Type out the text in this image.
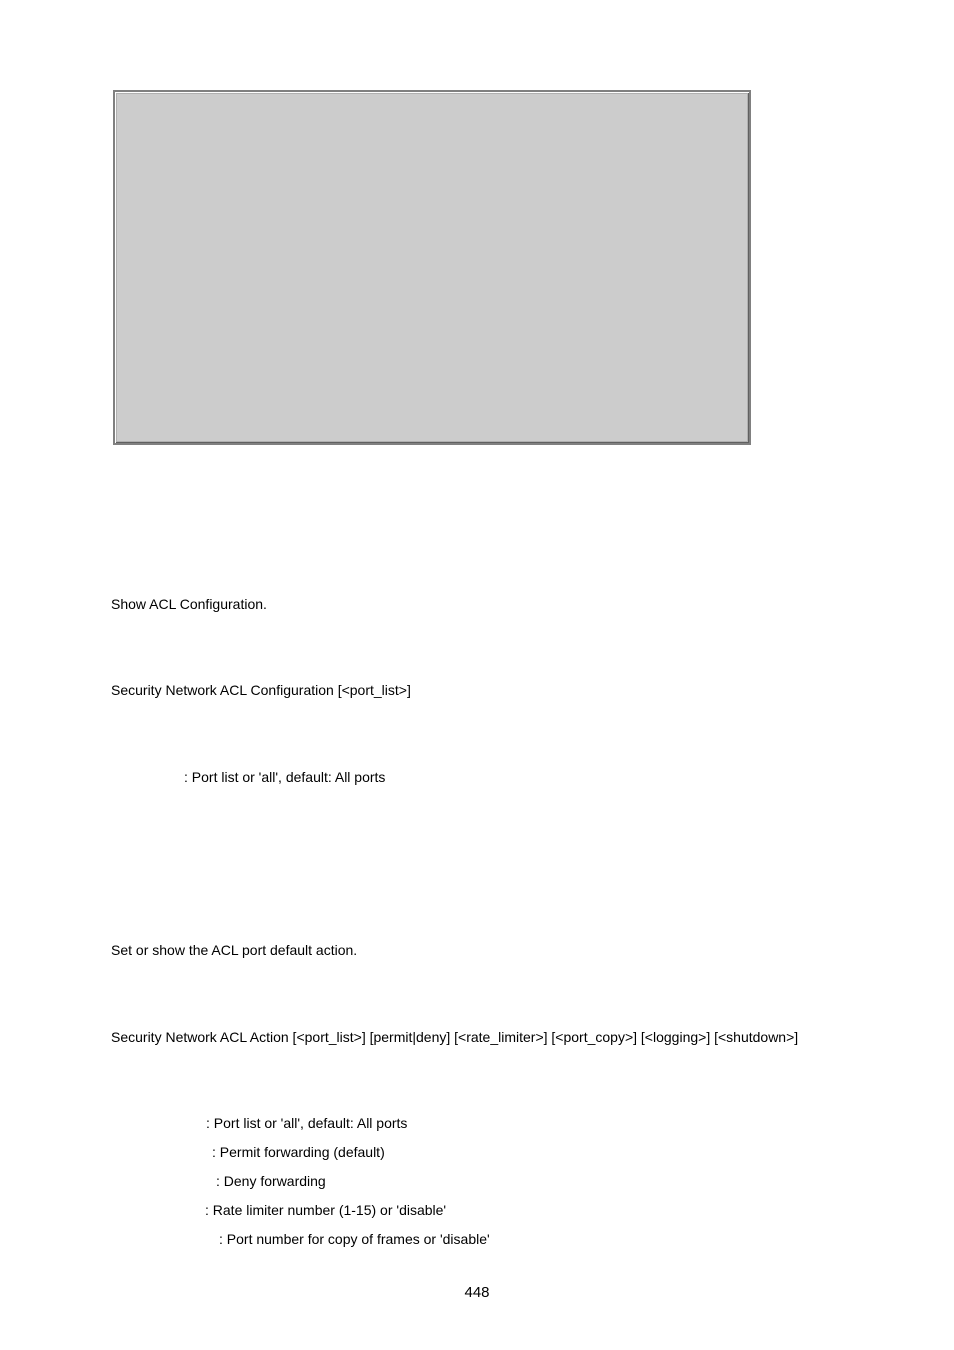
Show ACL Configuration.
Security Network ACL Configuration [<port_list>]
: Port list or 'all', default: All ports
Set or show the ACL port default action.
Security Network ACL Action [<port_list>] [permit|deny] [<rate_limiter>] [<port_copy>] [<logging>] [<shutdown>]
: Port list or 'all', default: All ports
: Permit forwarding (default)
: Deny forwarding
: Rate limiter number (1-15) or 'disable'
: Port number for copy of frames or 'disable'
448
